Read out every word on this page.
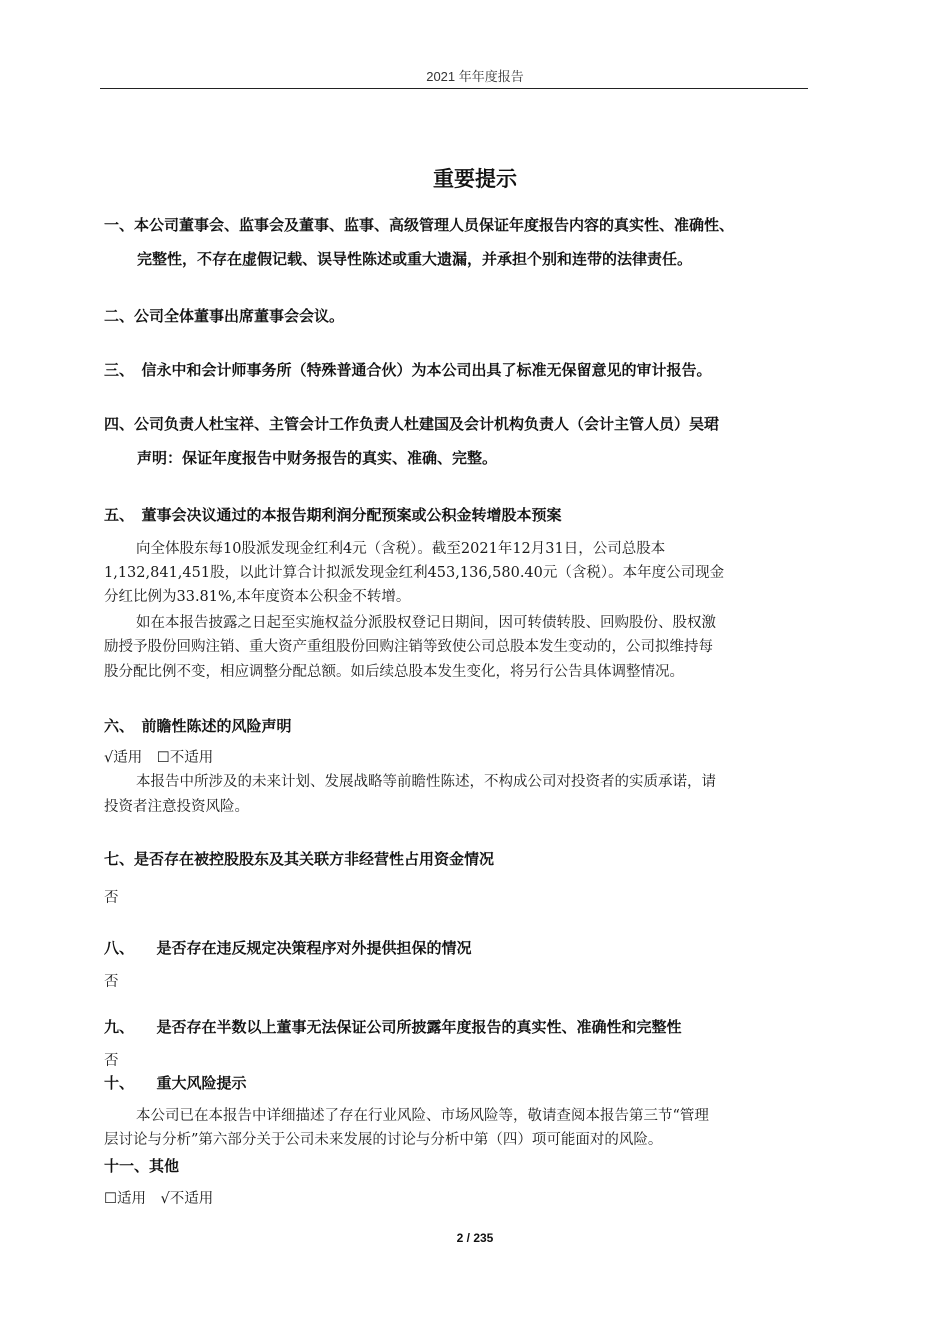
2021 年年度报告
重要提示
一、本公司董事会、监事会及董事、监事、高级管理人员保证年度报告内容的真实性、准确性、
完整性，不存在虚假记载、误导性陈述或重大遗漏，并承担个别和连带的法律责任。
二、公司全体董事出席董事会会议。
三、　信永中和会计师事务所（特殊普通合伙）为本公司出具了标准无保留意见的审计报告。
四、公司负责人杜宝祥、主管会计工作负责人杜建国及会计机构负责人（会计主管人员）吴珺
声明：保证年度报告中财务报告的真实、准确、完整。
五、　董事会决议通过的本报告期利润分配预案或公积金转增股本预案
向全体股东每10股派发现金红利4元（含税）。截至2021年12月31日，公司总股本
1,132,841,451股，以此计算合计拟派发现金红利453,136,580.40元（含税）。本年度公司现金
分红比例为33.81%,本年度资本公积金不转增。
如在本报告披露之日起至实施权益分派股权登记日期间，因可转债转股、回购股份、股权激
励授予股份回购注销、重大资产重组股份回购注销等致使公司总股本发生变动的，公司拟维持每
股分配比例不变，相应调整分配总额。如后续总股本发生变化，将另行公告具体调整情况。
六、　前瞻性陈述的风险声明
√适用　☐不适用
本报告中所涉及的未来计划、发展战略等前瞻性陈述，不构成公司对投资者的实质承诺，请
投资者注意投资风险。
七、是否存在被控股股东及其关联方非经营性占用资金情况
否
八、　　是否存在违反规定决策程序对外提供担保的情况
否
九、　　是否存在半数以上董事无法保证公司所披露年度报告的真实性、准确性和完整性
否
十、　　重大风险提示
本公司已在本报告中详细描述了存在行业风险、市场风险等，敬请查阅本报告第三节“管理
层讨论与分析”第六部分关于公司未来发展的讨论与分析中第（四）项可能面对的风险。
十一、其他
☐适用　√不适用
2 / 235
